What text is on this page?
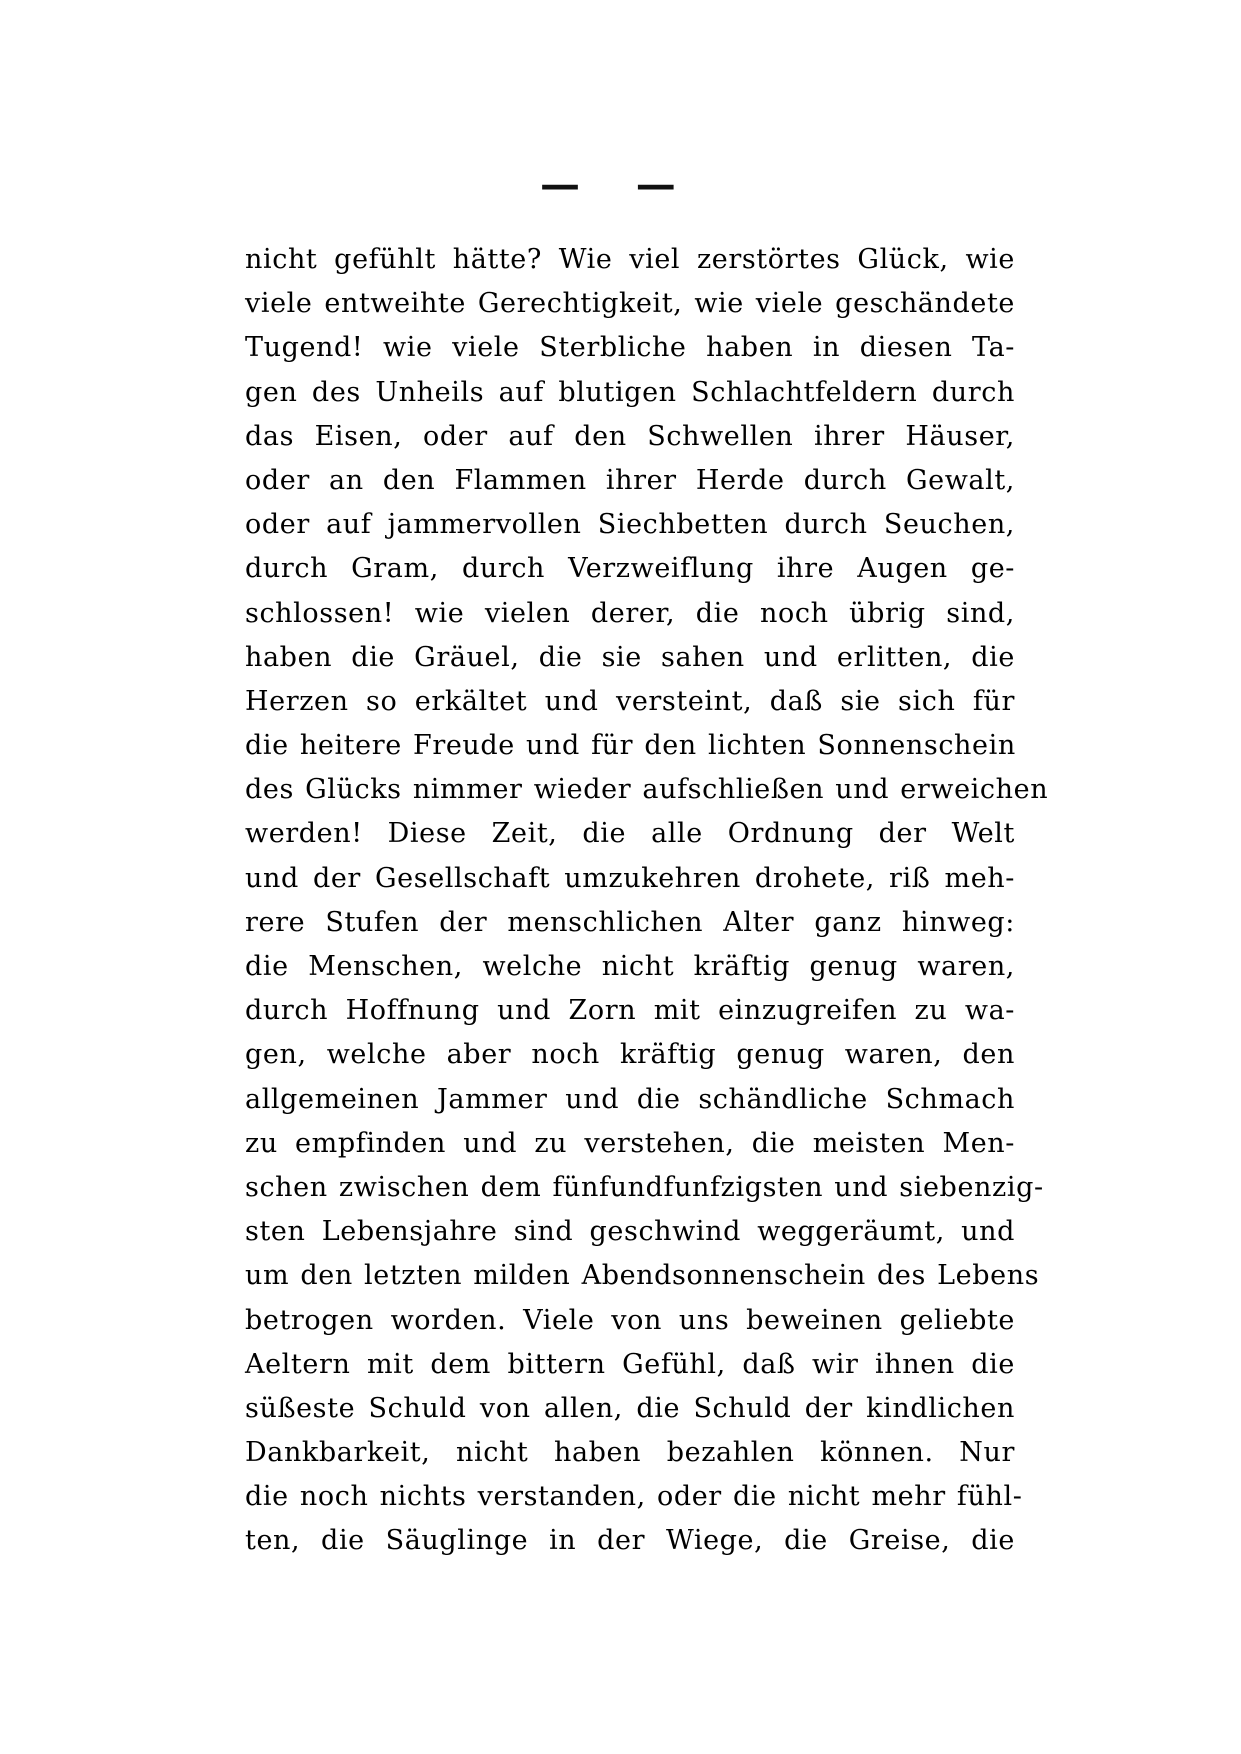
—    —
nicht gefühlt hätte? Wie viel zerstörtes Glück, wie
viele entweihte Gerechtigkeit, wie viele geschändete
Tugend! wie viele Sterbliche haben in diesen Ta-
gen des Unheils auf blutigen Schlachtfeldern durch
das Eisen, oder auf den Schwellen ihrer Häuser,
oder an den Flammen ihrer Herde durch Gewalt,
oder auf jammervollen Siechbetten durch Seuchen,
durch Gram, durch Verzweiflung ihre Augen ge-
schlossen! wie vielen derer, die noch übrig sind,
haben die Gräuel, die sie sahen und erlitten, die
Herzen so erkältet und versteint, daß sie sich für
die heitere Freude und für den lichten Sonnenschein
des Glücks nimmer wieder aufschließen und erweichen
werden! Diese Zeit, die alle Ordnung der Welt
und der Gesellschaft umzukehren drohete, riß meh-
rere Stufen der menschlichen Alter ganz hinweg:
die Menschen, welche nicht kräftig genug waren,
durch Hoffnung und Zorn mit einzugreifen zu wa-
gen, welche aber noch kräftig genug waren, den
allgemeinen Jammer und die schändliche Schmach
zu empfinden und zu verstehen, die meisten Men-
schen zwischen dem fünfundfunfzigsten und siebenzig-
sten Lebensjahre sind geschwind weggeräumt, und
um den letzten milden Abendsonnenschein des Lebens
betrogen worden. Viele von uns beweinen geliebte
Aeltern mit dem bittern Gefühl, daß wir ihnen die
süßeste Schuld von allen, die Schuld der kindlichen
Dankbarkeit, nicht haben bezahlen können. Nur
die noch nichts verstanden, oder die nicht mehr fühl-
ten, die Säuglinge in der Wiege, die Greise, die
